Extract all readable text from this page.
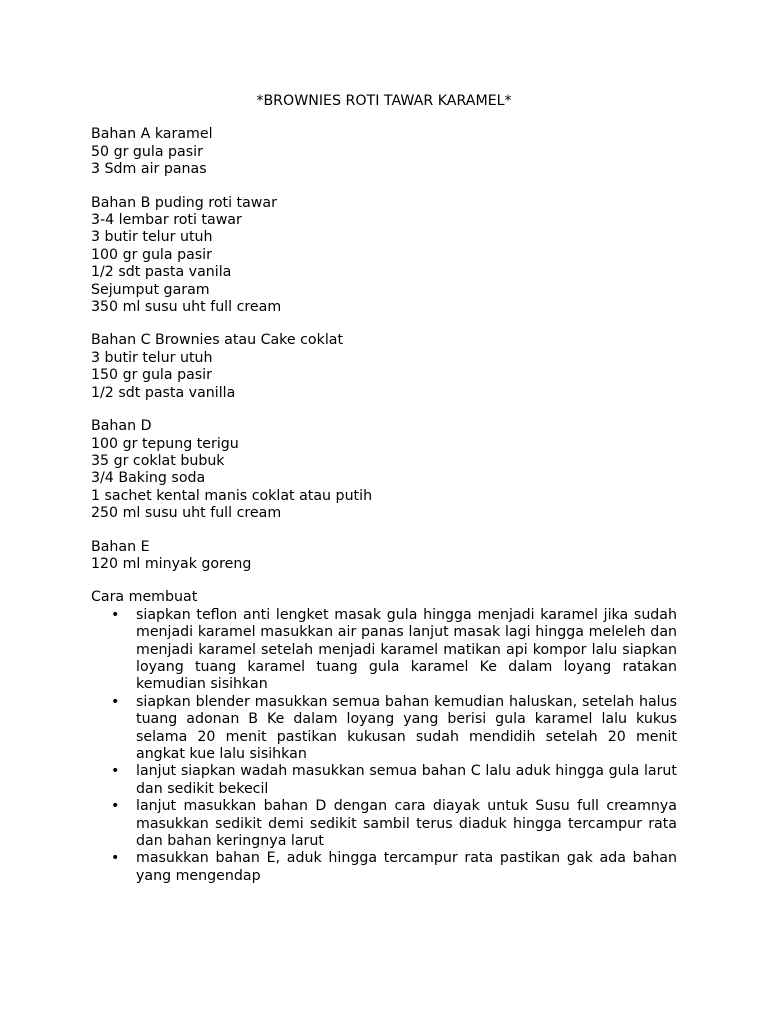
*BROWNIES ROTI TAWAR KARAMEL*
Bahan A karamel
50 gr gula pasir
3 Sdm air panas
Bahan B puding roti tawar
3-4 lembar roti tawar
3 butir telur utuh
100 gr gula pasir
1/2 sdt pasta vanila
Sejumput garam
350 ml susu uht full cream
Bahan C Brownies atau Cake coklat
3 butir telur utuh
150 gr gula pasir
1/2 sdt pasta vanilla
Bahan D
100 gr tepung terigu
35 gr coklat bubuk
3/4 Baking soda
1 sachet kental manis coklat atau putih
250 ml susu uht full cream
Bahan E
120 ml minyak goreng
Cara membuat
• siapkan teflon anti lengket masak gula hingga menjadi karamel jika sudah menjadi karamel masukkan air panas lanjut masak lagi hingga meleleh dan menjadi karamel setelah menjadi karamel matikan api kompor lalu siapkan loyang tuang karamel tuang gula karamel Ke dalam loyang ratakan kemudian sisihkan
• siapkan blender masukkan semua bahan kemudian haluskan, setelah halus tuang adonan B Ke dalam loyang yang berisi gula karamel lalu kukus selama 20 menit pastikan kukusan sudah mendidih setelah 20 menit angkat kue lalu sisihkan
• lanjut siapkan wadah masukkan semua bahan C lalu aduk hingga gula larut dan sedikit bekecil
• lanjut masukkan bahan D dengan cara diayak untuk Susu full creamnya masukkan sedikit demi sedikit sambil terus diaduk hingga tercampur rata dan bahan keringnya larut
• masukkan bahan E, aduk hingga tercampur rata pastikan gak ada bahan yang mengendap
